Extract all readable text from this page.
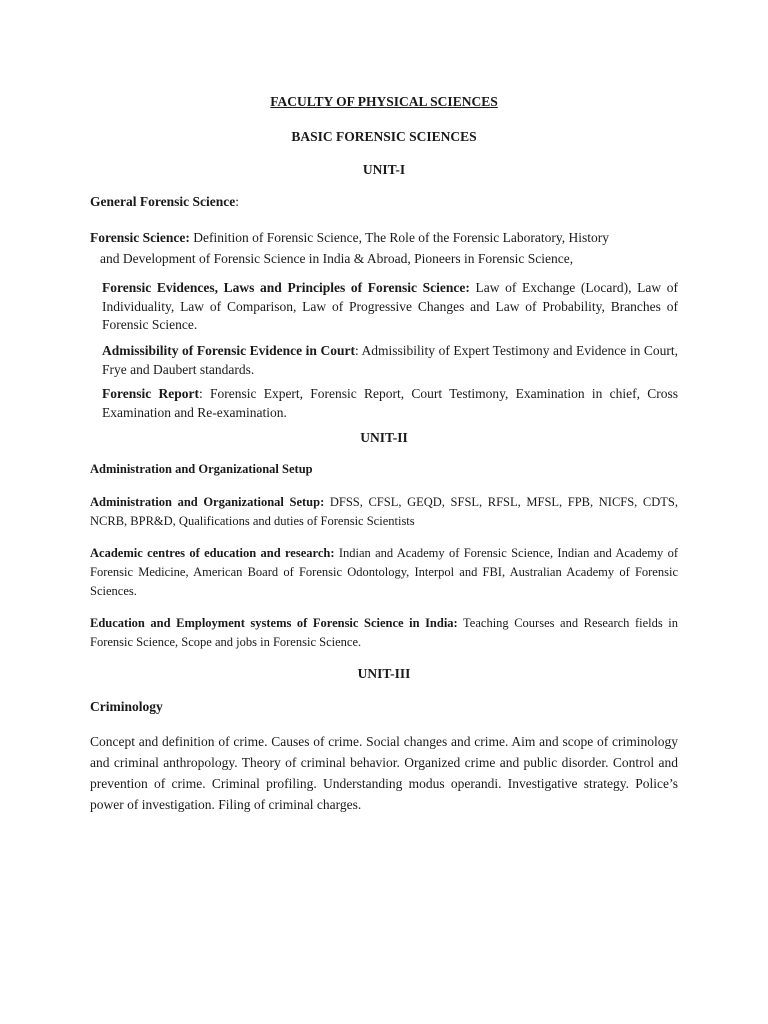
FACULTY OF PHYSICAL SCIENCES
BASIC FORENSIC SCIENCES
UNIT-I
General Forensic Science:
Forensic Science: Definition of Forensic Science, The Role of the Forensic Laboratory, History
and Development of Forensic Science in India & Abroad, Pioneers in Forensic Science,
Forensic Evidences, Laws and Principles of Forensic Science: Law of Exchange (Locard), Law of Individuality, Law of Comparison, Law of Progressive Changes and Law of Probability, Branches of Forensic Science.
Admissibility of Forensic Evidence in Court: Admissibility of Expert Testimony and Evidence in Court, Frye and Daubert standards.
Forensic Report: Forensic Expert, Forensic Report, Court Testimony, Examination in chief, Cross Examination and Re-examination.
UNIT-II
Administration and Organizational Setup
Administration and Organizational Setup: DFSS, CFSL, GEQD, SFSL, RFSL, MFSL, FPB, NICFS, CDTS, NCRB, BPR&D, Qualifications and duties of Forensic Scientists
Academic centres of education and research: Indian and Academy of Forensic Science, Indian and Academy of Forensic Medicine, American Board of Forensic Odontology, Interpol and FBI, Australian Academy of Forensic Sciences.
Education and Employment systems of Forensic Science in India: Teaching Courses and Research fields in Forensic Science, Scope and jobs in Forensic Science.
UNIT-III
Criminology
Concept and definition of crime. Causes of crime. Social changes and crime. Aim and scope of criminology and criminal anthropology. Theory of criminal behavior. Organized crime and public disorder. Control and prevention of crime. Criminal profiling. Understanding modus operandi. Investigative strategy. Police’s power of investigation. Filing of criminal charges.
